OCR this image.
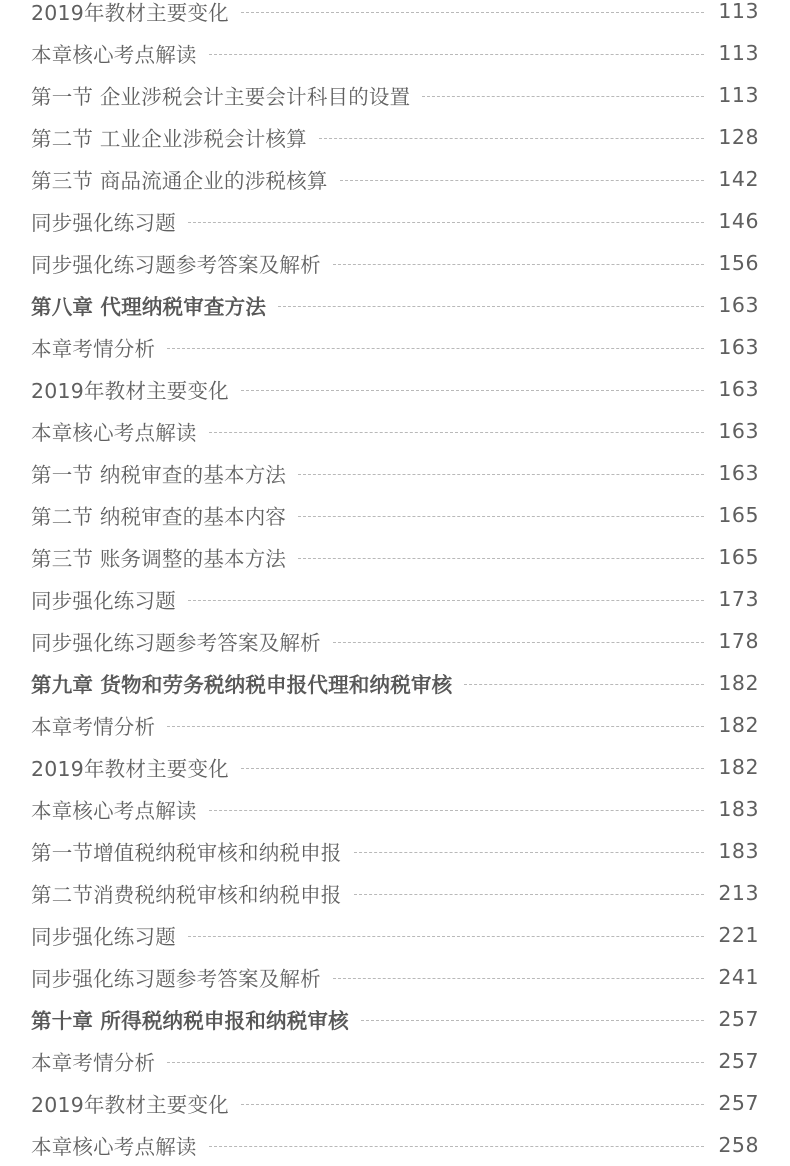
2019年教材主要变化	113
本章核心考点解读	113
第一节 企业涉税会计主要会计科目的设置	113
第二节 工业企业涉税会计核算	128
第三节 商品流通企业的涉税核算	142
同步强化练习题	146
同步强化练习题参考答案及解析	156
第八章 代理纳税审查方法	163
本章考情分析	163
2019年教材主要变化	163
本章核心考点解读	163
第一节 纳税审查的基本方法	163
第二节 纳税审查的基本内容	165
第三节 账务调整的基本方法	165
同步强化练习题	173
同步强化练习题参考答案及解析	178
第九章 货物和劳务税纳税申报代理和纳税审核	182
本章考情分析	182
2019年教材主要变化	182
本章核心考点解读	183
第一节增值税纳税审核和纳税申报	183
第二节消费税纳税审核和纳税申报	213
同步强化练习题	221
同步强化练习题参考答案及解析	241
第十章 所得税纳税申报和纳税审核	257
本章考情分析	257
2019年教材主要变化	257
本章核心考点解读	258
